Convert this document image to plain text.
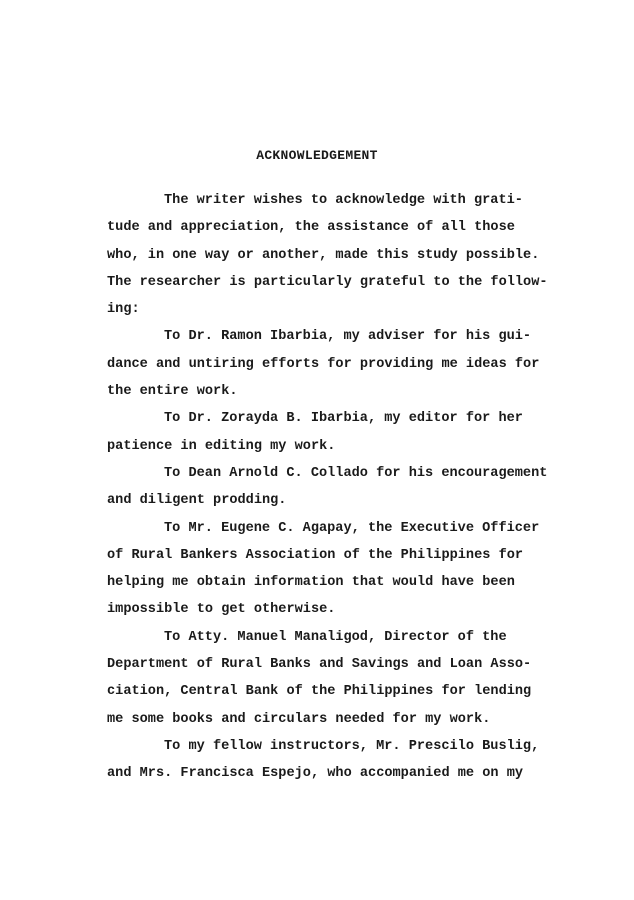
ACKNOWLEDGEMENT
The writer wishes to acknowledge with grati-
tude and appreciation, the assistance of all those
who, in one way or another, made this study possible.
The researcher is particularly grateful to the follow-
ing:
To Dr. Ramon Ibarbia, my adviser for his gui-
dance and untiring efforts for providing me ideas for
the entire work.
To Dr. Zorayda B. Ibarbia, my editor for her
patience in editing my work.
To Dean Arnold C. Collado for his encouragement
and diligent prodding.
To Mr. Eugene C. Agapay, the Executive Officer
of Rural Bankers Association of the Philippines for
helping me obtain information that would have been
impossible to get otherwise.
To Atty. Manuel Manaligod, Director of the
Department of Rural Banks and Savings and Loan Asso-
ciation, Central Bank of the Philippines for lending
me some books and circulars needed for my work.
To my fellow instructors, Mr. Prescilo Buslig,
and Mrs. Francisca Espejo, who accompanied me on my
